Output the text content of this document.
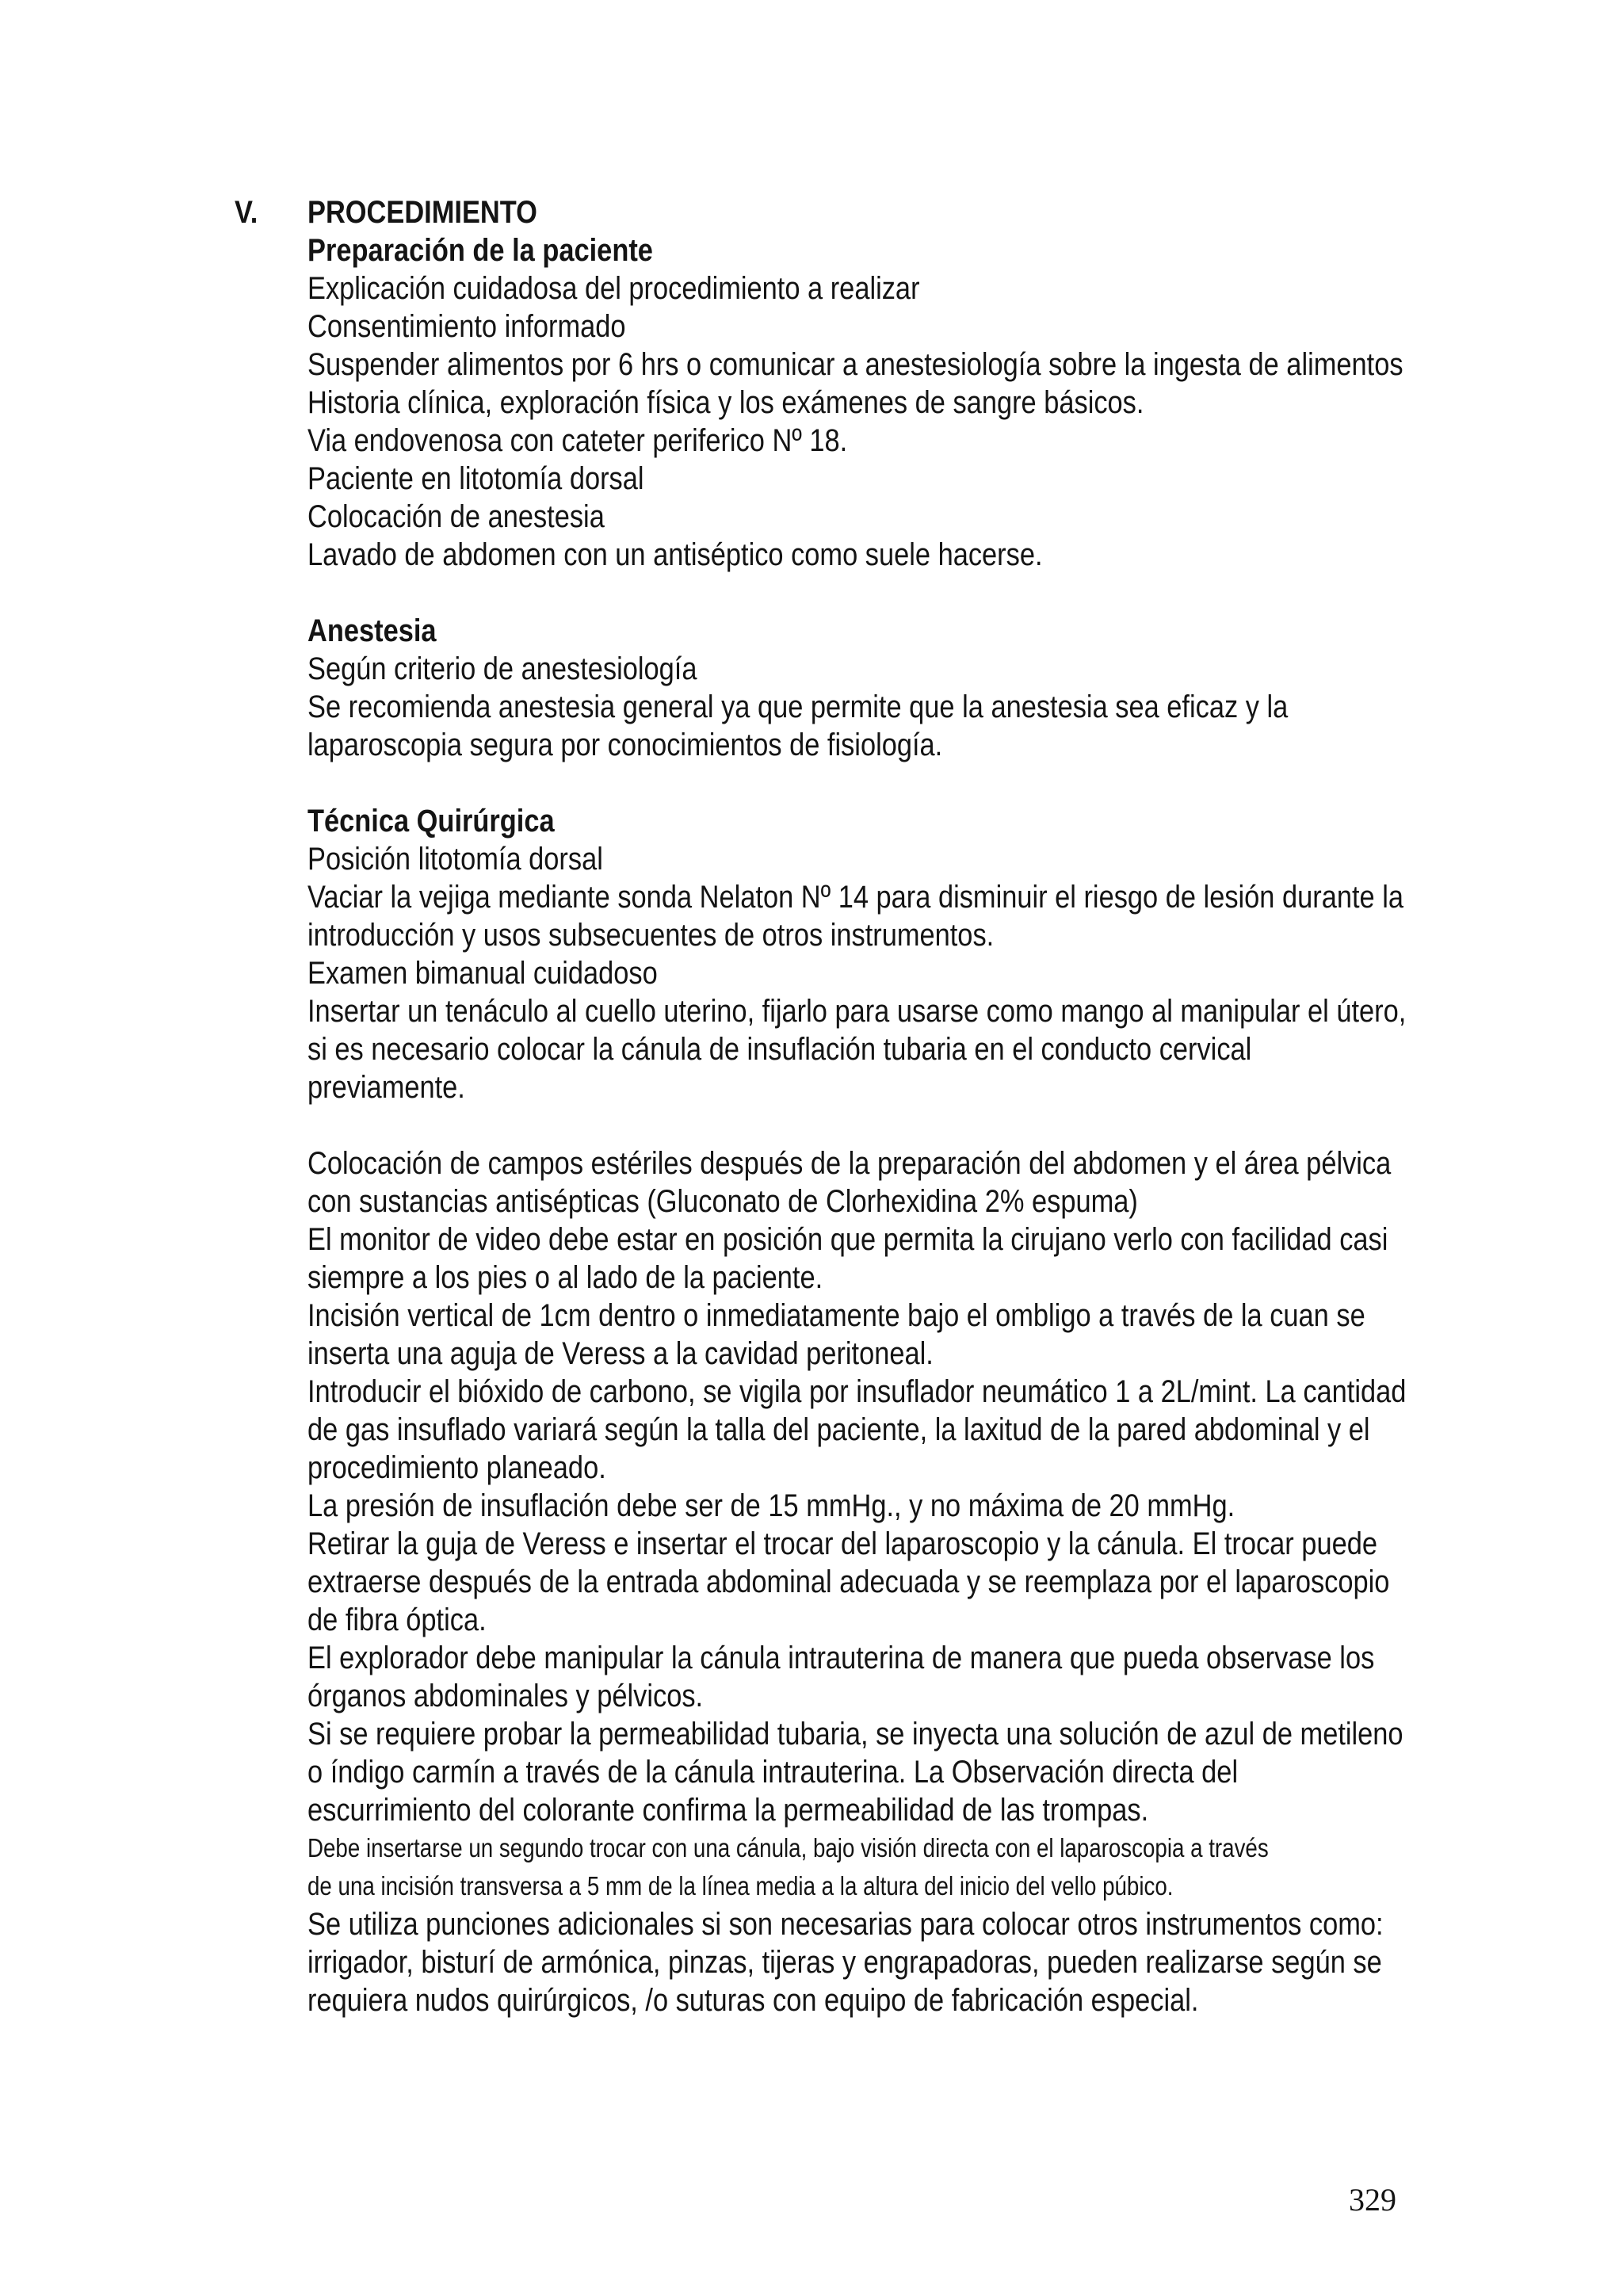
V. PROCEDIMIENTO
Preparación de la paciente
Explicación cuidadosa del procedimiento a realizar
Consentimiento informado
Suspender alimentos por 6 hrs o comunicar a anestesiología sobre la ingesta de alimentos
Historia clínica, exploración física y los exámenes de sangre básicos.
Via endovenosa con cateter periferico Nº 18.
Paciente en litotomía dorsal
Colocación de anestesia
Lavado de abdomen con un antiséptico como suele hacerse.
Anestesia
Según criterio de anestesiología
Se recomienda anestesia general ya que permite que la anestesia sea eficaz y la
laparoscopia segura por conocimientos de fisiología.
Técnica Quirúrgica
Posición litotomía dorsal
Vaciar la vejiga mediante sonda Nelaton Nº 14 para disminuir el riesgo de lesión durante la
introducción y usos subsecuentes de otros instrumentos.
Examen bimanual cuidadoso
Insertar un tenáculo al cuello uterino, fijarlo para usarse como mango al manipular el útero,
si es necesario colocar la cánula de insuflación tubaria en el conducto cervical
previamente.
Colocación de campos estériles después de la preparación del abdomen y el área pélvica
con sustancias antisépticas (Gluconato de Clorhexidina 2% espuma)
El monitor de video debe estar en posición que permita la cirujano verlo con facilidad casi
siempre a los pies o al lado de la paciente.
Incisión vertical de 1cm dentro o inmediatamente bajo el ombligo a través de la cuan se
inserta una aguja de Veress a la cavidad peritoneal.
Introducir el bióxido de carbono, se vigila por insuflador neumático 1 a 2L/mint. La cantidad
de gas insuflado variará según la talla del paciente, la laxitud de la pared abdominal y el
procedimiento planeado.
La presión de insuflación debe ser de 15 mmHg., y no máxima de 20 mmHg.
Retirar la guja de Veress e insertar el trocar del laparoscopio y la cánula. El trocar puede
extraerse después de la entrada abdominal adecuada y se reemplaza por el laparoscopio
de fibra óptica.
El explorador debe manipular la cánula intrauterina de manera que pueda observase los
órganos abdominales y pélvicos.
Si se requiere probar la permeabilidad tubaria, se inyecta una solución de azul de metileno
o índigo carmín a través de la cánula intrauterina. La Observación directa del
escurrimiento del colorante confirma la permeabilidad de las trompas.
Debe insertarse un segundo trocar con una cánula, bajo visión directa con el laparoscopia a través
de una incisión transversa a 5 mm de la línea media a la altura del inicio del vello púbico.
Se utiliza punciones adicionales si son necesarias para colocar otros instrumentos como:
irrigador, bisturí de armónica, pinzas, tijeras y engrapadoras, pueden realizarse según se
requiera nudos quirúrgicos, /o suturas con equipo de fabricación especial.
329
